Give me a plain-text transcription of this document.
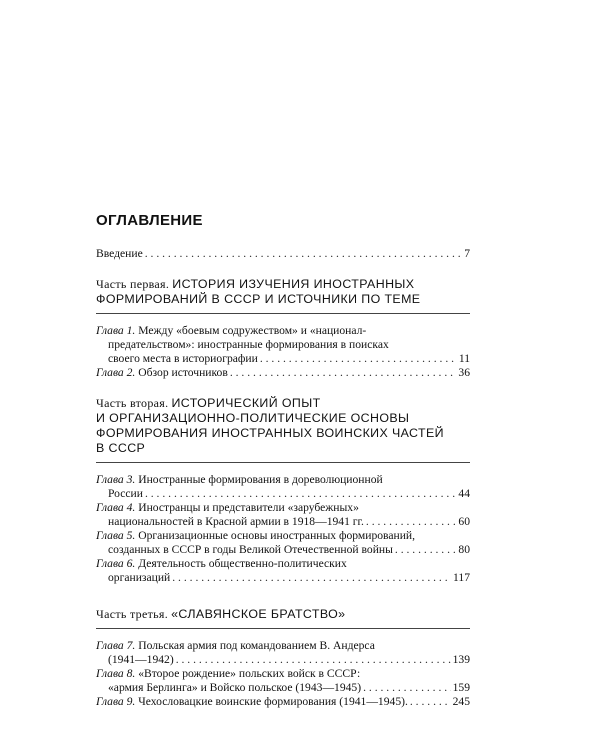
ОГЛАВЛЕНИЕ
Введение . . .	7
Часть первая. ИСТОРИЯ ИЗУЧЕНИЯ ИНОСТРАННЫХ
ФОРМИРОВАНИЙ В СССР И ИСТОЧНИКИ ПО ТЕМЕ
Глава 1. Между «боевым содружеством» и «национал-
предательством»: иностранные формирования в поисках
своего места в историографии . . .	11
Глава 2. Обзор источников . . .	36
Часть вторая. ИСТОРИЧЕСКИЙ ОПЫТ
И ОРГАНИЗАЦИОННО-ПОЛИТИЧЕСКИЕ ОСНОВЫ
ФОРМИРОВАНИЯ ИНОСТРАННЫХ ВОИНСКИХ ЧАСТЕЙ
В СССР
Глава 3. Иностранные формирования в дореволюционной
России . . .	44
Глава 4. Иностранцы и представители «зарубежных»
национальностей в Красной армии в 1918—1941 гг. . . .	60
Глава 5. Организационные основы иностранных формирований,
созданных в СССР в годы Великой Отечественной войны . . .	80
Глава 6. Деятельность общественно-политических
организаций . . .	117
Часть третья. «СЛАВЯНСКОЕ БРАТСТВО»
Глава 7. Польская армия под командованием В. Андерса
(1941—1942) . . .	139
Глава 8. «Второе рождение» польских войск в СССР:
«армия Берлинга» и Войско польское (1943—1945) . . .	159
Глава 9. Чехословацкие воинские формирования (1941—1945). . . .	245
